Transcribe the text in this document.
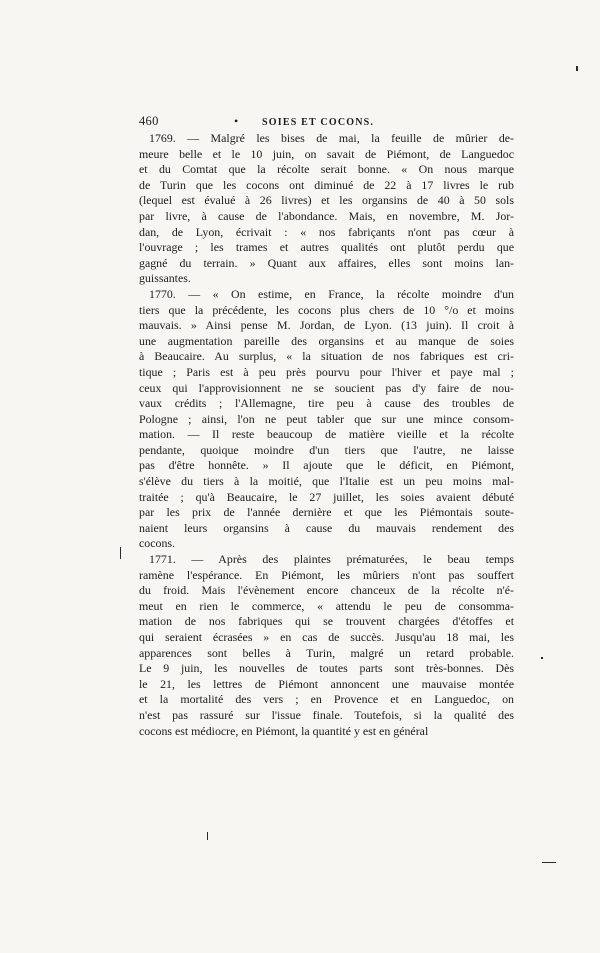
460	• SOIES ET COCONS.
1769. — Malgré les bises de mai, la feuille de mûrier de-
meure belle et le 10 juin, on savait de Piémont, de Languedoc
et du Comtat que la récolte serait bonne. « On nous marque
de Turin que les cocons ont diminué de 22 à 17 livres le rub
(lequel est évalué à 26 livres) et les organsins de 40 à 50 sols
par livre, à cause de l'abondance. Mais, en novembre, M. Jor-
dan, de Lyon, écrivait : « nos fabriçants n'ont pas cœur à
l'ouvrage ; les trames et autres qualités ont plutôt perdu que
gagné du terrain. » Quant aux affaires, elles sont moins lan-
guissantes.
1770. — « On estime, en France, la récolte moindre d'un
tiers que la précédente, les cocons plus chers de 10 °/o et moins
mauvais. » Ainsi pense M. Jordan, de Lyon. (13 juin). Il croit à
une augmentation pareille des organsins et au manque de soies
à Beaucaire. Au surplus, « la situation de nos fabriques est cri-
tique ; Paris est à peu près pourvu pour l'hiver et paye mal ;
ceux qui l'approvisionnent ne se soucient pas d'y faire de nou-
vaux crédits ; l'Allemagne, tire peu à cause des troubles de
Pologne ; ainsi, l'on ne peut tabler que sur une mince consom-
mation. — Il reste beaucoup de matière vieille et la récolte
pendante, quoique moindre d'un tiers que l'autre, ne laisse
pas d'être honnête. » Il ajoute que le déficit, en Piémont,
s'élève du tiers à la moitié, que l'Italie est un peu moins mal-
traitée ; qu'à Beaucaire, le 27 juillet, les soies avaient débuté
par les prix de l'année dernière et que les Piémontais soute-
naient leurs organsins à cause du mauvais rendement des
cocons.
1771. — Après des plaintes prématurées, le beau temps
ramène l'espérance. En Piémont, les mûriers n'ont pas souffert
du froid. Mais l'évènement encore chanceux de la récolte n'é-
meut en rien le commerce, « attendu le peu de consomma-
mation de nos fabriques qui se trouvent chargées d'étoffes et
qui seraient écrasées » en cas de succès. Jusqu'au 18 mai, les
apparences sont belles à Turin, malgré un retard probable.
Le 9 juin, les nouvelles de toutes parts sont très-bonnes. Dès
le 21, les lettres de Piémont annoncent une mauvaise montée
et la mortalité des vers ; en Provence et en Languedoc, on
n'est pas rassuré sur l'issue finale. Toutefois, si la qualité des
cocons est médiocre, en Piémont, la quantité y est en général
